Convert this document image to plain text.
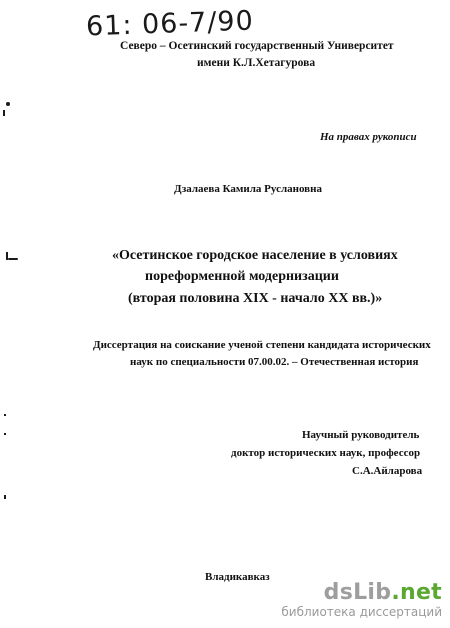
61: 06-7/90
Северо – Осетинский государственный Университет
имени К.Л.Хетагурова
На правах рукописи
Дзалаева Камила Руслановна
«Осетинское городское население в условиях
пореформенной модернизации
(вторая половина XIX - начало XX вв.)»
Диссертация на соискание ученой степени кандидата исторических
наук по специальности 07.00.02. – Отечественная история
Научный руководитель
доктор исторических наук, профессор
С.А.Айларова
Владикавказ
dsLib.net
библиотека диссертаций
